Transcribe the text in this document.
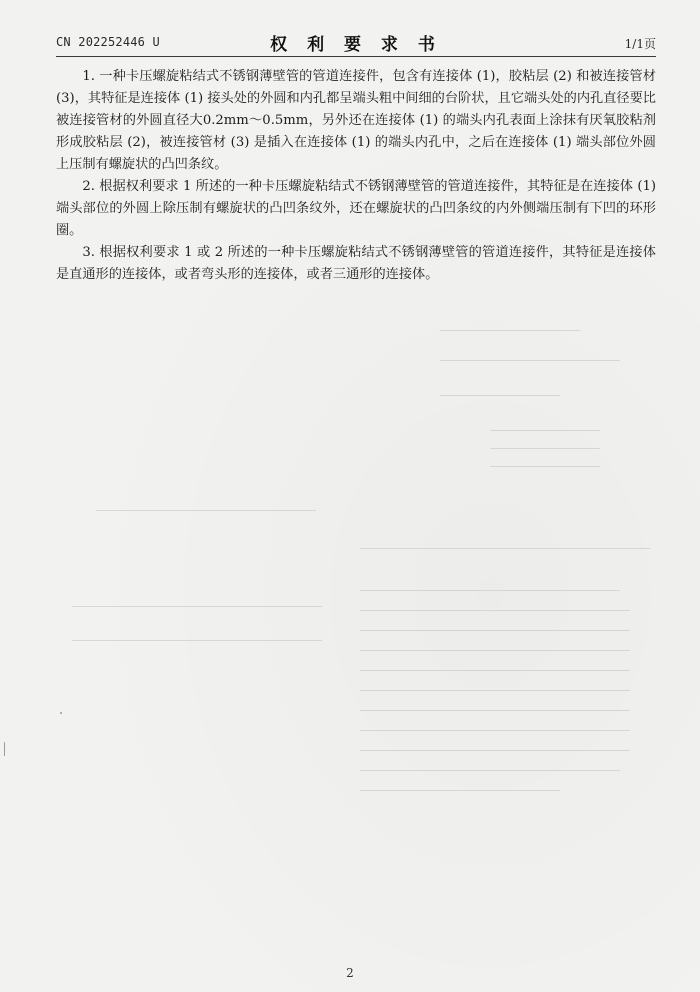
CN 202252446 U	权 利 要 求 书	1/1页

1. 一种卡压螺旋粘结式不锈钢薄壁管的管道连接件，包含有连接体 (1)，胶粘层 (2) 和被连接管材 (3)，其特征是连接体 (1) 接头处的外圆和内孔都呈端头粗中间细的台阶状，且它端头处的内孔直径要比被连接管材的外圆直径大0.2mm～0.5mm，另外还在连接体 (1) 的端头内孔表面上涂抹有厌氧胶粘剂形成胶粘层 (2)，被连接管材 (3) 是插入在连接体 (1) 的端头内孔中，之后在连接体 (1) 端头部位外圆上压制有螺旋状的凸凹条纹。

2. 根据权利要求 1 所述的一种卡压螺旋粘结式不锈钢薄壁管的管道连接件，其特征是在连接体 (1) 端头部位的外圆上除压制有螺旋状的凸凹条纹外，还在螺旋状的凸凹条纹的内外侧端压制有下凹的环形圈。

3. 根据权利要求 1 或 2 所述的一种卡压螺旋粘结式不锈钢薄壁管的管道连接件，其特征是连接体是直通形的连接体，或者弯头形的连接体，或者三通形的连接体。

2
